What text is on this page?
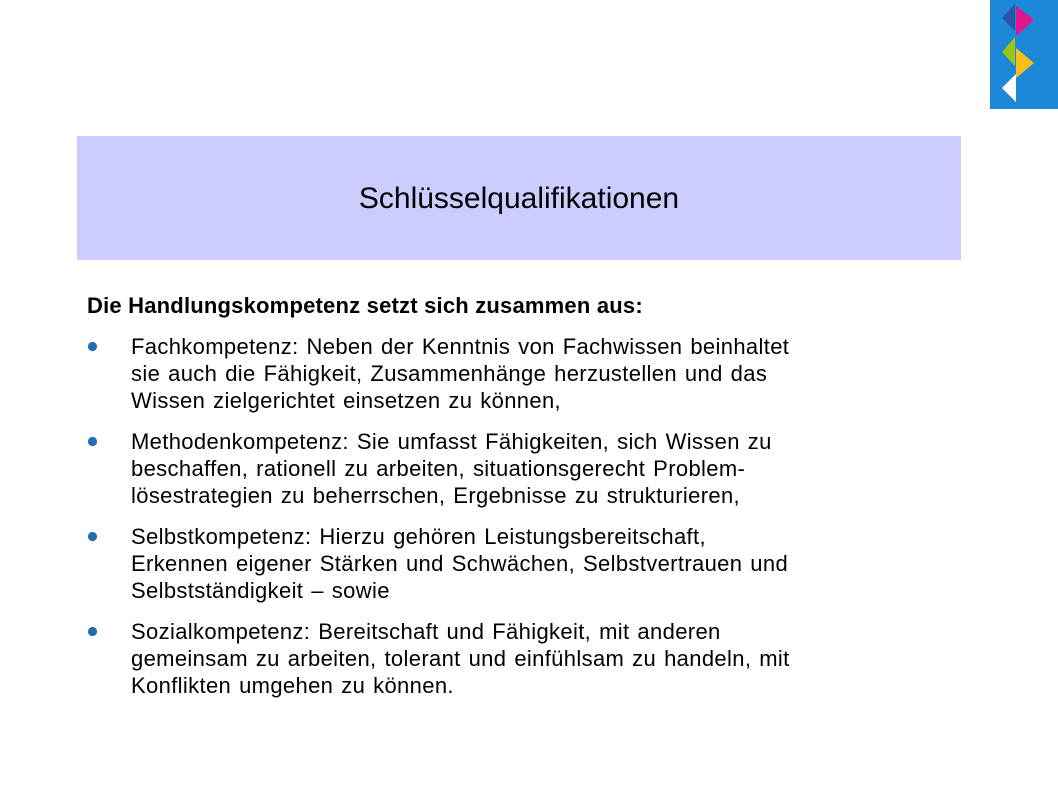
Schlüsselqualifikationen

Die Handlungskompetenz setzt sich zusammen aus:

Fachkompetenz: Neben der Kenntnis von Fachwissen beinhaltet
sie auch die Fähigkeit, Zusammenhänge herzustellen und das
Wissen zielgerichtet einsetzen zu können,
Methodenkompetenz: Sie umfasst Fähigkeiten, sich Wissen zu
beschaffen, rationell zu arbeiten, situationsgerecht Problem-
lösestrategien zu beherrschen, Ergebnisse zu strukturieren,
Selbstkompetenz: Hierzu gehören Leistungsbereitschaft,
Erkennen eigener Stärken und Schwächen, Selbstvertrauen und
Selbstständigkeit – sowie
Sozialkompetenz: Bereitschaft und Fähigkeit, mit anderen
gemeinsam zu arbeiten, tolerant und einfühlsam zu handeln, mit
Konflikten umgehen zu können.
